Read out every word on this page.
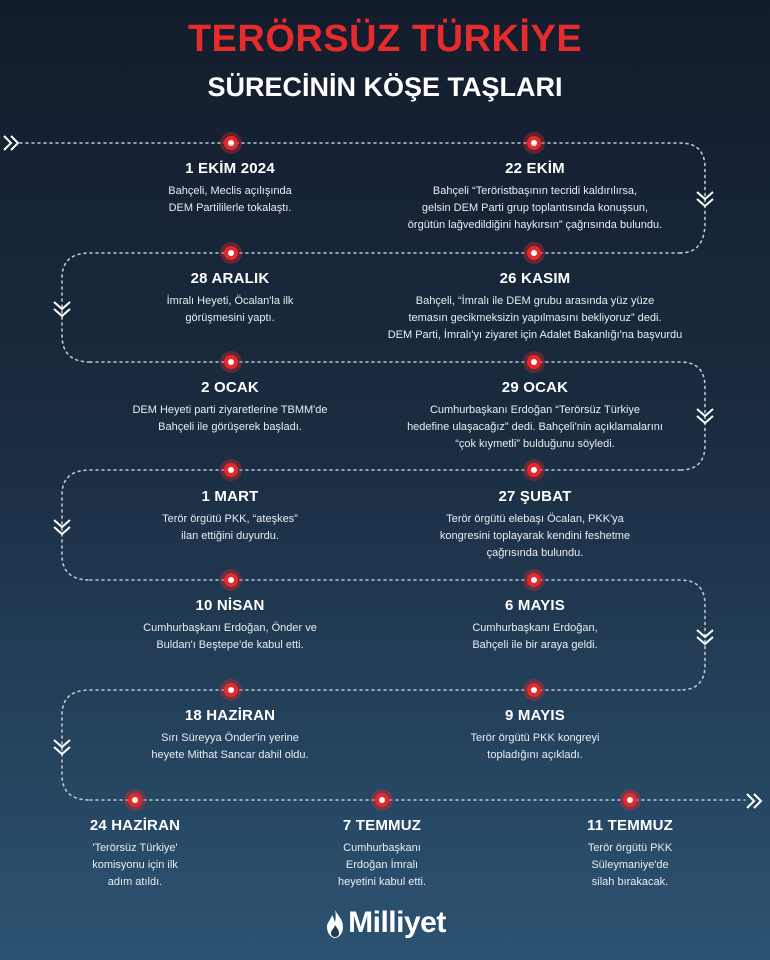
TERÖRSÜZ TÜRKİYE
SÜRECİNİN KÖŞE TAŞLARI
1 EKİM 2024
Bahçeli, Meclis açılışında
DEM Partililerle tokalaştı.
22 EKİM
Bahçeli “Teröristbaşının tecridi kaldırılırsa,
gelsin DEM Parti grup toplantısında konuşsun,
örgütün lağvedildiğini haykırsın” çağrısında bulundu.
28 ARALIK
İmralı Heyeti, Öcalan'la ilk
görüşmesini yaptı.
26 KASIM
Bahçeli, “İmralı ile DEM grubu arasında yüz yüze
temasın gecikmeksizin yapılmasını bekliyoruz” dedi.
DEM Parti, İmralı'yı ziyaret için Adalet Bakanlığı'na başvurdu
2 OCAK
DEM Heyeti parti ziyaretlerine TBMM'de
Bahçeli ile görüşerek başladı.
29 OCAK
Cumhurbaşkanı Erdoğan “Terörsüz Türkiye
hedefine ulaşacağız” dedi. Bahçeli'nin açıklamalarını
“çok kıymetli” bulduğunu söyledi.
1 MART
Terör örgütü PKK, “ateşkes”
ilan ettiğini duyurdu.
27 ŞUBAT
Terör örgütü elebaşı Öcalan, PKK'ya
kongresini toplayarak kendini feshetme
çağrısında bulundu.
10 NİSAN
Cumhurbaşkanı Erdoğan, Önder ve
Buldan'ı Beştepe'de kabul etti.
6 MAYIS
Cumhurbaşkanı Erdoğan,
Bahçeli ile bir araya geldi.
18 HAZİRAN
Sırı Süreyya Önder'in yerine
heyete Mithat Sancar dahil oldu.
9 MAYIS
Terör örgütü PKK kongreyi
topladığını açıkladı.
24 HAZİRAN
'Terörsüz Türkiye'
komisyonu için ilk
adım atıldı.
7 TEMMUZ
Cumhurbaşkanı
Erdoğan İmralı
heyetini kabul etti.
11 TEMMUZ
Terör örgütü PKK
Süleymaniye'de
silah bırakacak.
Milliyet
